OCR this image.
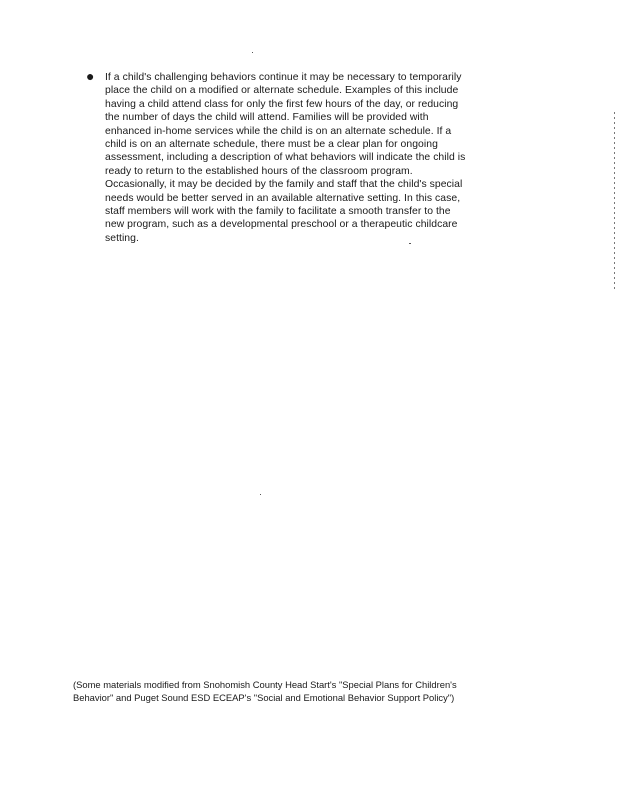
● If a child's challenging behaviors continue it may be necessary to temporarily
place the child on a modified or alternate schedule. Examples of this include
having a child attend class for only the first few hours of the day, or reducing
the number of days the child will attend. Families will be provided with
enhanced in-home services while the child is on an alternate schedule. If a
child is on an alternate schedule, there must be a clear plan for ongoing
assessment, including a description of what behaviors will indicate the child is
ready to return to the established hours of the classroom program.
Occasionally, it may be decided by the family and staff that the child's special
needs would be better served in an available alternative setting. In this case,
staff members will work with the family to facilitate a smooth transfer to the
new program, such as a developmental preschool or a therapeutic childcare
setting.
(Some materials modified from Snohomish County Head Start's "Special Plans for Children's
Behavior" and Puget Sound ESD ECEAP's "Social and Emotional Behavior Support Policy")
